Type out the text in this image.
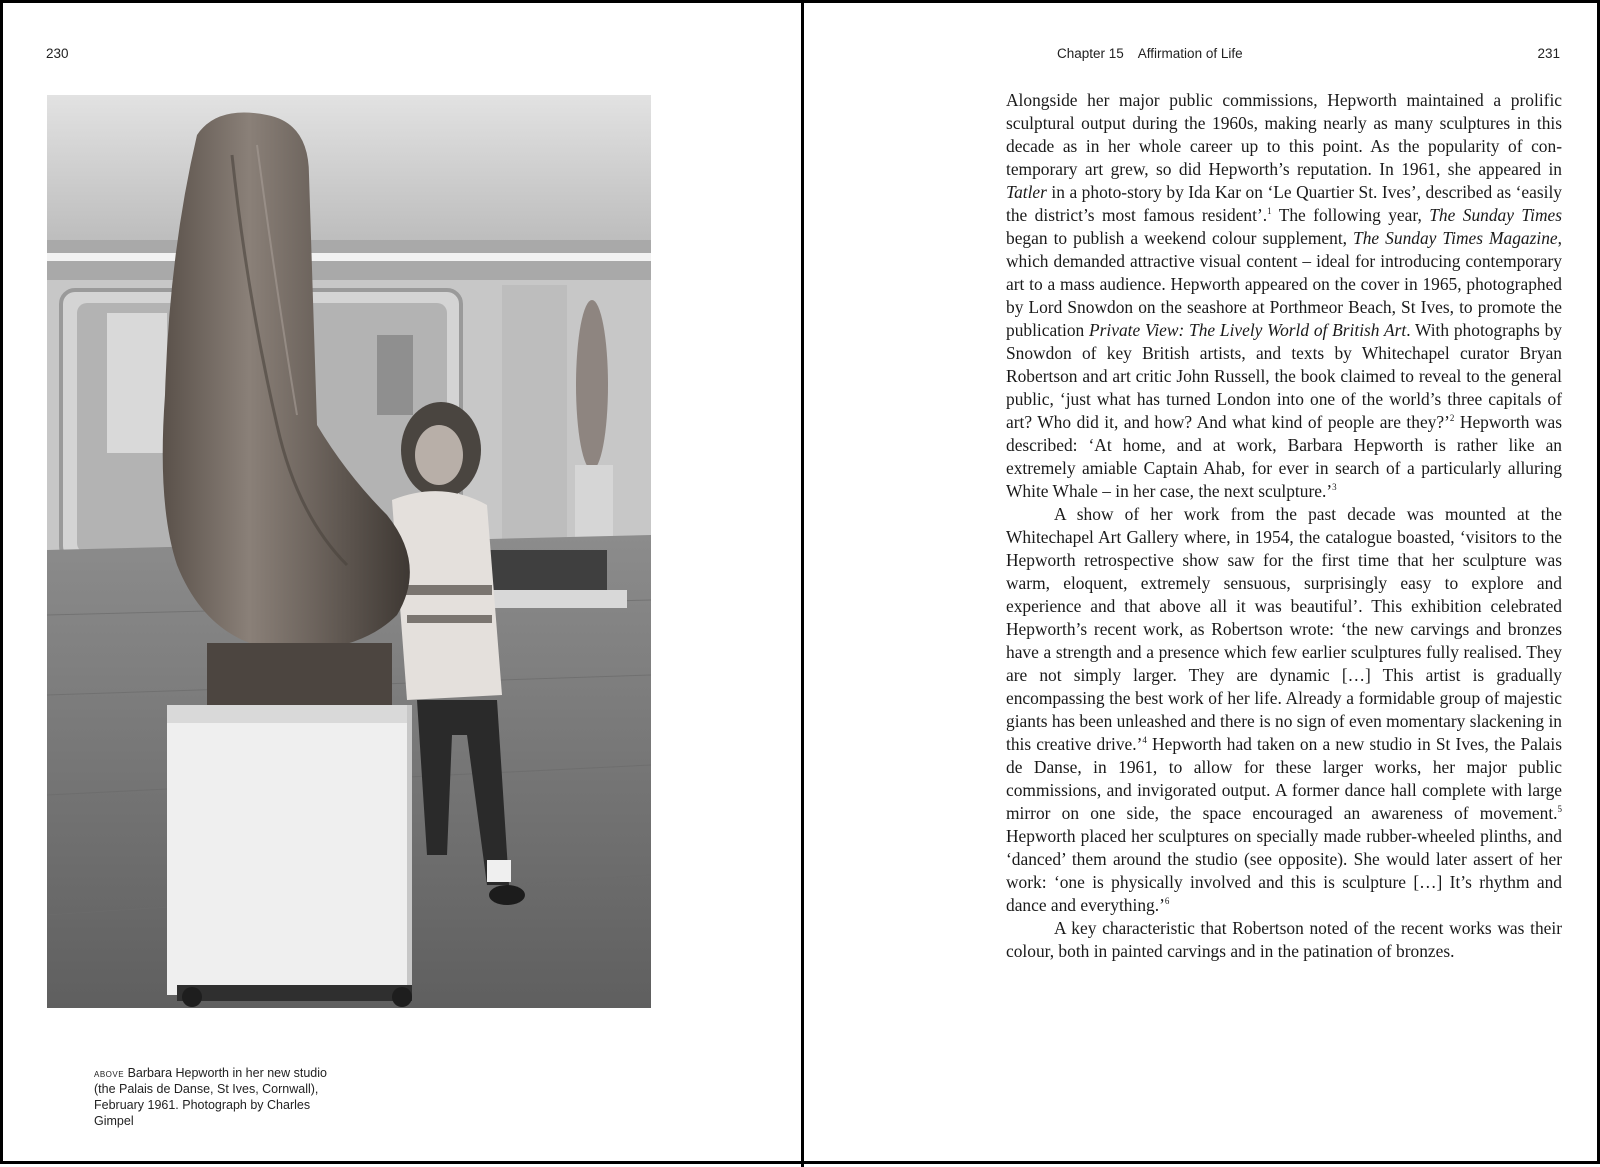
230
above Barbara Hepworth in her new studio (the Palais de Danse, St Ives, Cornwall), February 1961. Photograph by Charles Gimpel
Chapter 15 Affirmation of Life	231

Alongside her major public commissions, Hepworth maintained a prolific sculptural output during the 1960s, making nearly as many sculptures in this decade as in her whole career up to this point. As the popularity of contemporary art grew, so did Hepworth’s reputation. In 1961, she appeared in Tatler in a photo-story by Ida Kar on ‘Le Quartier St. Ives’, described as ‘easily the district’s most famous resident’.$^1$ The following year, The Sunday Times began to publish a weekend colour supplement, The Sunday Times Magazine, which demanded attractive visual content – ideal for introducing contemporary art to a mass audience. Hepworth appeared on the cover in 1965, photographed by Lord Snowdon on the seashore at Porthmeor Beach, St Ives, to promote the publication Private View: The Lively World of British Art. With photographs by Snowdon of key British artists, and texts by Whitechapel curator Bryan Robertson and art critic John Russell, the book claimed to reveal to the general public, ‘just what has turned London into one of the world’s three capitals of art? Who did it, and how? And what kind of people are they?’$^2$ Hepworth was described: ‘At home, and at work, Barbara Hepworth is rather like an extremely amiable Captain Ahab, for ever in search of a particularly alluring White Whale – in her case, the next sculpture.’$^3$

A show of her work from the past decade was mounted at the Whitechapel Art Gallery where, in 1954, the catalogue boasted, ‘visitors to the Hepworth retrospective show saw for the first time that her sculpture was warm, eloquent, extremely sensuous, surprisingly easy to explore and experience and that above all it was beautiful’. This exhibition celebrated Hepworth’s recent work, as Robertson wrote: ‘the new carvings and bronzes have a strength and a presence which few earlier sculptures fully realised. They are not simply larger. They are dynamic […] This artist is gradually encompassing the best work of her life. Already a formidable group of majestic giants has been unleashed and there is no sign of even momentary slackening in this creative drive.’$^4$ Hepworth had taken on a new studio in St Ives, the Palais de Danse, in 1961, to allow for these larger works, her major public commissions, and invigorated output. A former dance hall complete with large mirror on one side, the space encouraged an awareness of movement.$^5$ Hepworth placed her sculptures on specially made rubber-wheeled plinths, and ‘danced’ them around the studio (see opposite). She would later assert of her work: ‘one is physically involved and this is sculpture […] It’s rhythm and dance and everything.’$^6$

A key characteristic that Robertson noted of the recent works was their colour, both in painted carvings and in the patination of bronzes.
